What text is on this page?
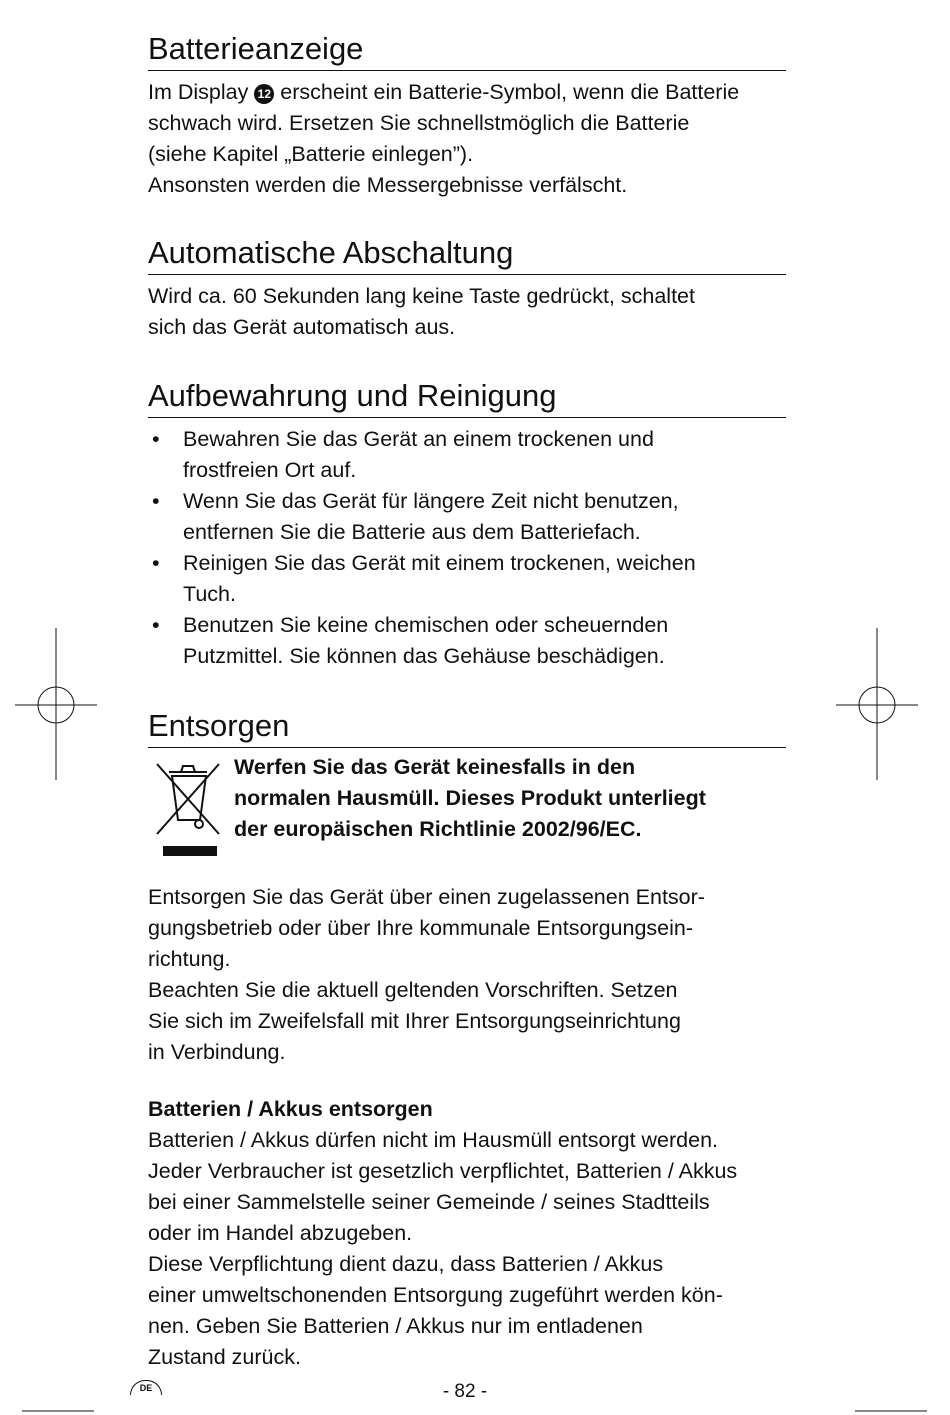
Batterieanzeige

Im Display 12 erscheint ein Batterie-Symbol, wenn die Batterie

schwach wird. Ersetzen Sie schnellstmöglich die Batterie

(siehe Kapitel „Batterie einlegen”).

Ansonsten werden die Messergebnisse verfälscht.

Automatische Abschaltung

Wird ca. 60 Sekunden lang keine Taste gedrückt, schaltet

sich das Gerät automatisch aus.

Aufbewahrung und Reinigung
• Bewahren Sie das Gerät an einem trockenen und
frostfreien Ort auf.
• Wenn Sie das Gerät für längere Zeit nicht benutzen,
entfernen Sie die Batterie aus dem Batteriefach.
• Reinigen Sie das Gerät mit einem trockenen, weichen
Tuch.
• Benutzen Sie keine chemischen oder scheuernden
Putzmittel. Sie können das Gehäuse beschädigen.
Entsorgen
Werfen Sie das Gerät keinesfalls in den
normalen Hausmüll. Dieses Produkt unterliegt
der europäischen Richtlinie 2002/96/EC.

Entsorgen Sie das Gerät über einen zugelassenen Entsor-

gungsbetrieb oder über Ihre kommunale Entsorgungsein-

richtung.

Beachten Sie die aktuell geltenden Vorschriften. Setzen

Sie sich im Zweifelsfall mit Ihrer Entsorgungseinrichtung

in Verbindung.

Batterien / Akkus entsorgen

Batterien / Akkus dürfen nicht im Hausmüll entsorgt werden.

Jeder Verbraucher ist gesetzlich verpflichtet, Batterien / Akkus

bei einer Sammelstelle seiner Gemeinde / seines Stadtteils

oder im Handel abzugeben.

Diese Verpflichtung dient dazu, dass Batterien / Akkus

einer umweltschonenden Entsorgung zugeführt werden kön-

nen. Geben Sie Batterien / Akkus nur im entladenen

Zustand zurück.

DE	- 82 -
